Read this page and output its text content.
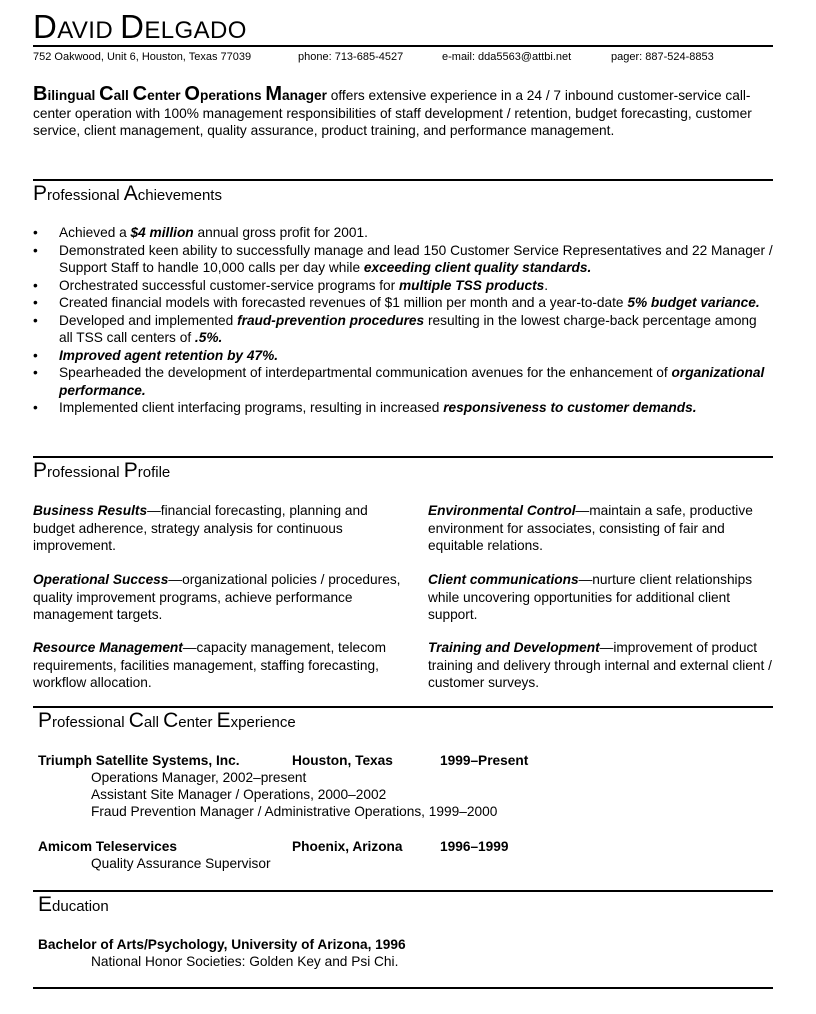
DAVID DELGADO
752 Oakwood, Unit 6, Houston, Texas 77039	phone: 713-685-4527	e-mail: dda5563@attbi.net	pager: 887-524-8853
Bilingual Call Center Operations Manager offers extensive experience in a 24 / 7 inbound customer-service call-center operation with 100% management responsibilities of staff development / retention, budget forecasting, customer service, client management, quality assurance, product training, and performance management.
Professional Achievements
• Achieved a $4 million annual gross profit for 2001.
• Demonstrated keen ability to successfully manage and lead 150 Customer Service Representatives and 22 Manager / Support Staff to handle 10,000 calls per day while exceeding client quality standards.
• Orchestrated successful customer-service programs for multiple TSS products.
• Created financial models with forecasted revenues of $1 million per month and a year-to-date 5% budget variance.
• Developed and implemented fraud-prevention procedures resulting in the lowest charge-back percentage among all TSS call centers of .5%.
• Improved agent retention by 47%.
• Spearheaded the development of interdepartmental communication avenues for the enhancement of organizational performance.
• Implemented client interfacing programs, resulting in increased responsiveness to customer demands.
Professional Profile
Business Results—financial forecasting, planning and budget adherence, strategy analysis for continuous improvement.
Environmental Control—maintain a safe, productive environment for associates, consisting of fair and equitable relations.
Operational Success—organizational policies / procedures, quality improvement programs, achieve performance management targets.
Client communications—nurture client relationships while uncovering opportunities for additional client support.
Resource Management—capacity management, telecom requirements, facilities management, staffing forecasting, workflow allocation.
Training and Development—improvement of product training and delivery through internal and external client / customer surveys.
Professional Call Center Experience
Triumph Satellite Systems, Inc.	Houston, Texas	1999–Present
Operations Manager, 2002–present
Assistant Site Manager / Operations, 2000–2002
Fraud Prevention Manager / Administrative Operations, 1999–2000
Amicom Teleservices	Phoenix, Arizona	1996–1999
Quality Assurance Supervisor
Education
Bachelor of Arts/Psychology, University of Arizona, 1996
National Honor Societies: Golden Key and Psi Chi.
